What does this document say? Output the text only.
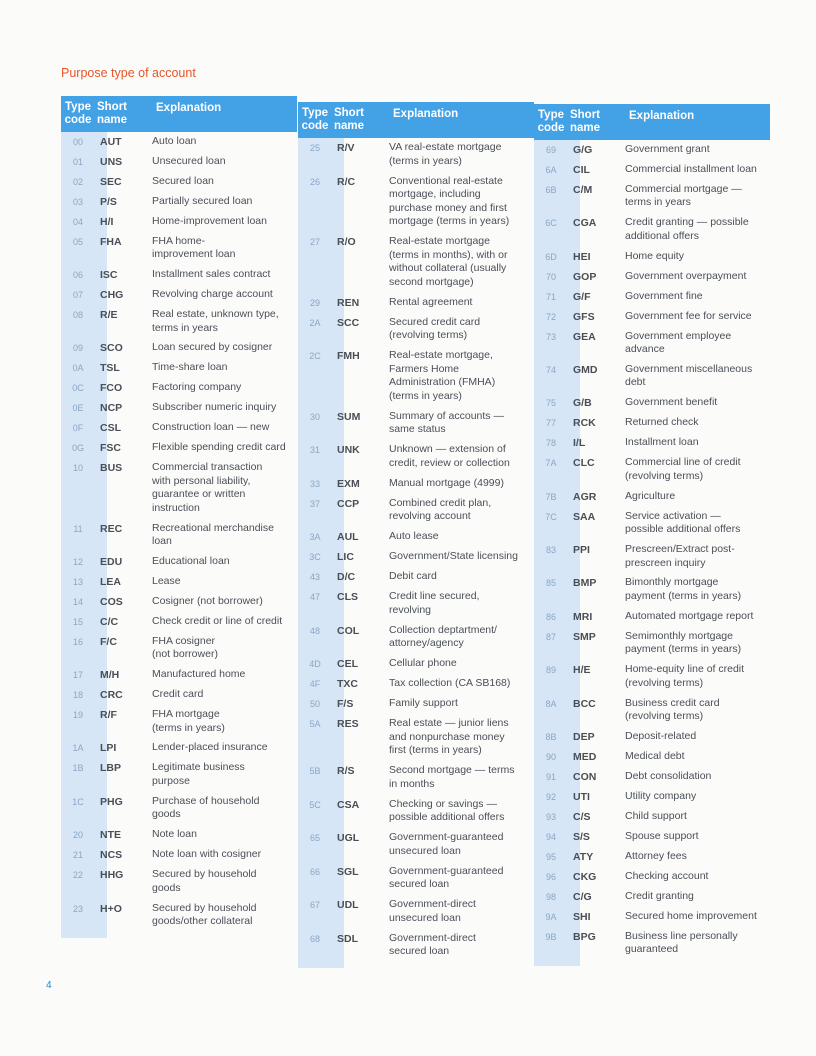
Purpose type of account
Type
code
Short
name
Explanation
00	AUT	Auto loan
01	UNS	Unsecured loan
02	SEC	Secured loan
03	P/S	Partially secured loan
04	H/I	Home-improvement loan
05	FHA	FHA home-
improvement loan
06	ISC	Installment sales contract
07	CHG	Revolving charge account
08	R/E	Real estate, unknown type,
terms in years
09	SCO	Loan secured by cosigner
0A	TSL	Time-share loan
0C	FCO	Factoring company
0E	NCP	Subscriber numeric inquiry
0F	CSL	Construction loan — new
0G	FSC	Flexible spending credit card
10	BUS	Commercial transaction
with personal liability,
guarantee or written
instruction
11	REC	Recreational merchandise
loan
12	EDU	Educational loan
13	LEA	Lease
14	COS	Cosigner (not borrower)
15	C/C	Check credit or line of credit
16	F/C	FHA cosigner
(not borrower)
17	M/H	Manufactured home
18	CRC	Credit card
19	R/F	FHA mortgage
(terms in years)
1A	LPI	Lender-placed insurance
1B	LBP	Legitimate business
purpose
1C	PHG	Purchase of household
goods
20	NTE	Note loan
21	NCS	Note loan with cosigner
22	HHG	Secured by household
goods
23	H+O	Secured by household
goods/other collateral
Type
code
Short
name
Explanation
25	R/V	VA real-estate mortgage
(terms in years)
26	R/C	Conventional real-estate
mortgage, including
purchase money and first
mortgage (terms in years)
27	R/O	Real-estate mortgage
(terms in months), with or
without collateral (usually
second mortgage)
29	REN	Rental agreement
2A	SCC	Secured credit card
(revolving terms)
2C	FMH	Real-estate mortgage,
Farmers Home
Administration (FMHA)
(terms in years)
30	SUM	Summary of accounts —
same status
31	UNK	Unknown — extension of
credit, review or collection
33	EXM	Manual mortgage (4999)
37	CCP	Combined credit plan,
revolving account
3A	AUL	Auto lease
3C	LIC	Government/State licensing
43	D/C	Debit card
47	CLS	Credit line secured,
revolving
48	COL	Collection deptartment/
attorney/agency
4D	CEL	Cellular phone
4F	TXC	Tax collection (CA SB168)
50	F/S	Family support
5A	RES	Real estate — junior liens
and nonpurchase money
first (terms in years)
5B	R/S	Second mortgage — terms
in months
5C	CSA	Checking or savings —
possible additional offers
65	UGL	Government-guaranteed
unsecured loan
66	SGL	Government-guaranteed
secured loan
67	UDL	Government-direct
unsecured loan
68	SDL	Government-direct
secured loan
Type
code
Short
name
Explanation
69	G/G	Government grant
6A	CIL	Commercial installment loan
6B	C/M	Commercial mortgage —
terms in years
6C	CGA	Credit granting — possible
additional offers
6D	HEI	Home equity
70	GOP	Government overpayment
71	G/F	Government fine
72	GFS	Government fee for service
73	GEA	Government employee
advance
74	GMD	Government miscellaneous
debt
75	G/B	Government benefit
77	RCK	Returned check
78	I/L	Installment loan
7A	CLC	Commercial line of credit
(revolving terms)
7B	AGR	Agriculture
7C	SAA	Service activation —
possible additional offers
83	PPI	Prescreen/Extract post-
prescreen inquiry
85	BMP	Bimonthly mortgage
payment (terms in years)
86	MRI	Automated mortgage report
87	SMP	Semimonthly mortgage
payment (terms in years)
89	H/E	Home-equity line of credit
(revolving terms)
8A	BCC	Business credit card
(revolving terms)
8B	DEP	Deposit-related
90	MED	Medical debt
91	CON	Debt consolidation
92	UTI	Utility company
93	C/S	Child support
94	S/S	Spouse support
95	ATY	Attorney fees
96	CKG	Checking account
98	C/G	Credit granting
9A	SHI	Secured home improvement
9B	BPG	Business line personally
guaranteed
4
